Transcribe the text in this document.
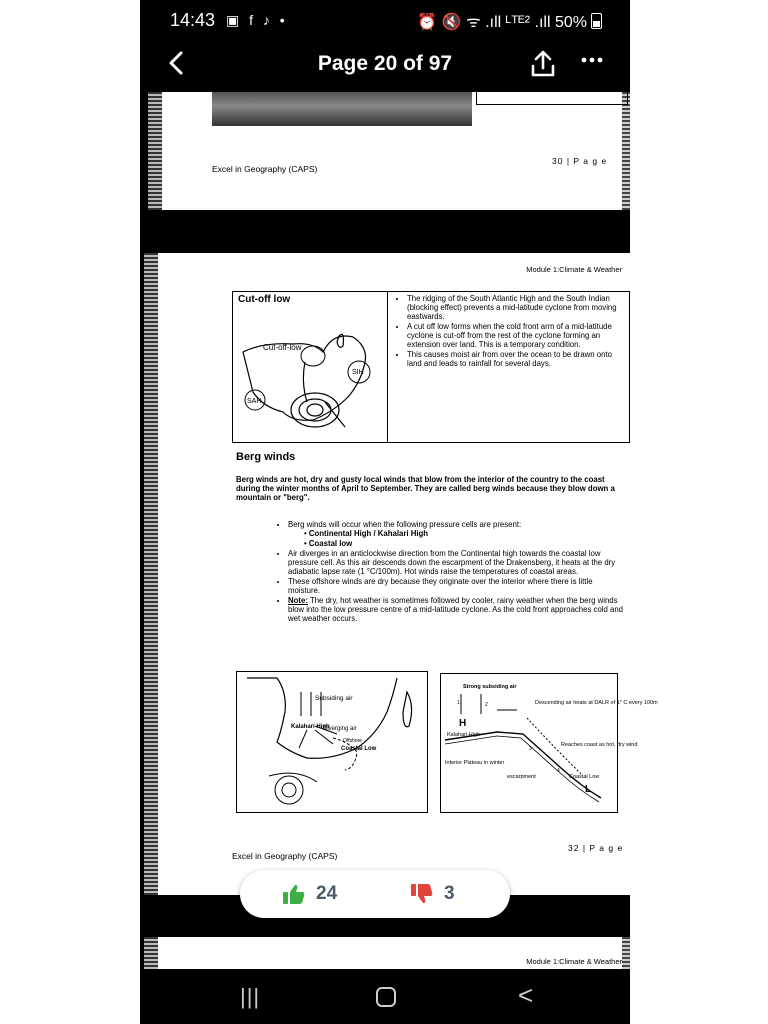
14:43 ▣ f ♪ •	⏰ 🔇 ᯤ .ıll ᴸᵀᴱ² .ıll 50%
Page 20 of 97
Excel in Geography (CAPS)
30 | P a g e
Module 1:Climate & Weather
Cut-off low
Cut-off-low
SIH
SAH
• The ridging of the South Atlantic High and the South Indian (blocking effect) prevents a mid-latitude cyclone from moving eastwards.
• A cut off low forms when the cold front arm of a mid-latitude cyclone is cut-off from the rest of the cyclone forming an extension over land. This is a temporary condition.
• This causes moist air from over the ocean to be drawn onto land and leads to rainfall for several days.
Berg winds
Berg winds are hot, dry and gusty local winds that blow from the interior of the country to the coast during the winter months of April to September. They are called berg winds because they blow down a mountain or "berg".
• Berg winds will occur when the following pressure cells are present:
• Continental High / Kahalari High
• Coastal low
• Air diverges in an anticlockwise direction from the Continental high towards the coastal low pressure cell. As this air descends down the escarpment of the Drakensberg, it heats at the dry adiabatic lapse rate (1 °C/100m). Hot winds raise the temperatures of coastal areas.
• These offshore winds are dry because they originate over the interior where there is little moisture.
• Note: The dry, hot weather is sometimes followed by cooler, rainy weather when the berg winds blow into the low pressure centre of a mid-latitude cyclone. As the cold front approaches cold and wet weather occurs.
Subsiding air
Kalahari High
Diverging air
Offshore
Coastal Low
Strong subsiding air
H
Kalahari High
Descending air heats at DALR of 1° C every 100m
Interior Plateau in winter
escarpment
Reaches coast as hot, dry wind
Coastal Low
L
1	2
3
4
Excel in Geography (CAPS)
32 | P a g e
Module 1:Climate & Weather
|||	<
24	3
